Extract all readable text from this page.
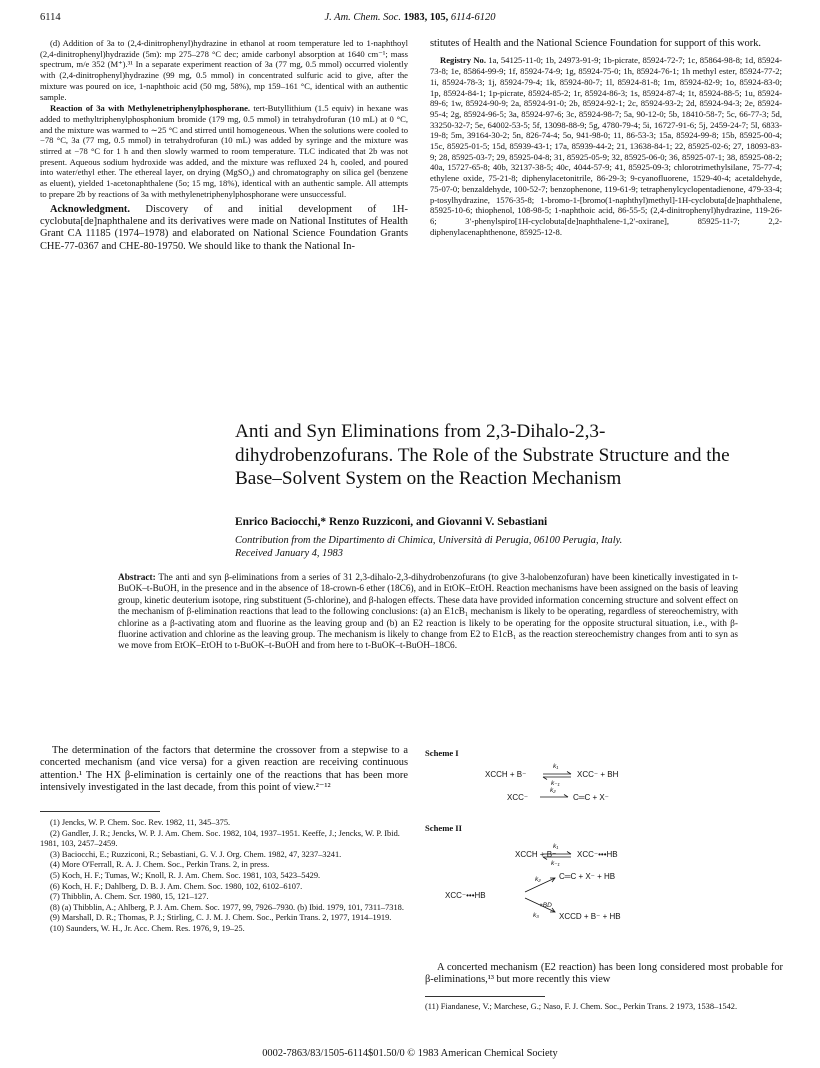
6114	J. Am. Chem. Soc. 1983, 105, 6114-6120

(d) Addition of 3a to (2,4-dinitrophenyl)hydrazine in ethanol at room temperature led to 1-naphthoyl (2,4-dinitrophenyl)hydrazide (5m): mp 275–278 °C dec; amide carbonyl absorption at 1640 cm⁻¹; mass spectrum, m/e 352 (M⁺).³¹ In a separate experiment reaction of 3a (77 mg, 0.5 mmol) occurred violently with (2,4-dinitrophenyl)hydrazine (99 mg, 0.5 mmol) in concentrated sulfuric acid to give, after the mixture was poured on ice, 1-naphthoic acid (50 mg, 58%), mp 159–161 °C, identical with an authentic sample.

Reaction of 3a with Methylenetriphenylphosphorane. tert-Butyllithium (1.5 equiv) in hexane was added to methyltriphenylphosphonium bromide (179 mg, 0.5 mmol) in tetrahydrofuran (10 mL) at 0 °C, and the mixture was warmed to ∼25 °C and stirred until homogeneous. When the solutions were cooled to −78 °C, 3a (77 mg, 0.5 mmol) in tetrahydrofuran (10 mL) was added by syringe and the mixture was stirred at −78 °C for 1 h and then slowly warmed to room temperature. TLC indicated that 2b was not present. Aqueous sodium hydroxide was added, and the mixture was refluxed 24 h, cooled, and poured into water/ethyl ether. The ethereal layer, on drying (MgSO₄) and chromatography on silica gel (benzene as eluent), yielded 1-acetonaphthalene (5o; 15 mg, 18%), identical with an authentic sample. All attempts to prepare 2b by reactions of 3a with methylenetriphenylphosphorane were unsuccessful.

Acknowledgment. Discovery of and initial development of 1H-cyclobuta[de]naphthalene and its derivatives were made on National Institutes of Health Grant CA 11185 (1974–1978) and elaborated on National Science Foundation Grants CHE-77-0367 and CHE-80-19750. We should like to thank the National In-

stitutes of Health and the National Science Foundation for support of this work.

Registry No. 1a, 54125-11-0; 1b, 24973-91-9; 1b-picrate, 85924-72-7; 1c, 85864-98-8; 1d, 85924-73-8; 1e, 85864-99-9; 1f, 85924-74-9; 1g, 85924-75-0; 1h, 85924-76-1; 1h methyl ester, 85924-77-2; 1i, 85924-78-3; 1j, 85924-79-4; 1k, 85924-80-7; 1l, 85924-81-8; 1m, 85924-82-9; 1o, 85924-83-0; 1p, 85924-84-1; 1p-picrate, 85924-85-2; 1r, 85924-86-3; 1s, 85924-87-4; 1t, 85924-88-5; 1u, 85924-89-6; 1w, 85924-90-9; 2a, 85924-91-0; 2b, 85924-92-1; 2c, 85924-93-2; 2d, 85924-94-3; 2e, 85924-95-4; 2g, 85924-96-5; 3a, 85924-97-6; 3c, 85924-98-7; 5a, 90-12-0; 5b, 18410-58-7; 5c, 66-77-3; 5d, 33250-32-7; 5e, 64002-53-5; 5f, 13098-88-9; 5g, 4780-79-4; 5i, 16727-91-6; 5j, 2459-24-7; 5l, 6833-19-8; 5m, 39164-30-2; 5n, 826-74-4; 5o, 941-98-0; 11, 86-53-3; 15a, 85924-99-8; 15b, 85925-00-4; 15c, 85925-01-5; 15d, 85939-43-1; 17a, 85939-44-2; 21, 13638-84-1; 22, 85925-02-6; 27, 18093-83-9; 28, 85925-03-7; 29, 85925-04-8; 31, 85925-05-9; 32, 85925-06-0; 36, 85925-07-1; 38, 85925-08-2; 40a, 15727-65-8; 40b, 32137-38-5; 40c, 4044-57-9; 41, 85925-09-3; chlorotrimethylsilane, 75-77-4; ethylene oxide, 75-21-8; diphenylacetonitrile, 86-29-3; 9-cyanofluorene, 1529-40-4; acetaldehyde, 75-07-0; benzaldehyde, 100-52-7; benzophenone, 119-61-9; tetraphenylcyclopentadienone, 479-33-4; p-tosylhydrazine, 1576-35-8; 1-bromo-1-[bromo(1-naphthyl)methyl]-1H-cyclobuta[de]naphthalene, 85925-10-6; thiophenol, 108-98-5; 1-naphthoic acid, 86-55-5; (2,4-dinitrophenyl)hydrazine, 119-26-6; 3′-phenylspiro[1H-cyclobuta[de]naphthalene-1,2′-oxirane], 85925-11-7; 2,2-diphenylacenaphthenone, 85925-12-8.

Anti and Syn Eliminations from 2,3-Dihalo-2,3-dihydrobenzofurans. The Role of the Substrate Structure and the Base–Solvent System on the Reaction Mechanism
Enrico Baciocchi,* Renzo Ruzziconi, and Giovanni V. Sebastiani
Contribution from the Dipartimento di Chimica, Università di Perugia, 06100 Perugia, Italy.
Received January 4, 1983
Abstract: The anti and syn β-eliminations from a series of 31 2,3-dihalo-2,3-dihydrobenzofurans (to give 3-halobenzofuran) have been kinetically investigated in t-BuOK–t-BuOH, in the presence and in the absence of 18-crown-6 ether (18C6), and in EtOK–EtOH. Reaction mechanisms have been assigned on the basis of leaving group, kinetic deuterium isotope, ring substituent (5-chlorine), and β-halogen effects. These data have provided information concerning structure and solvent effect on the mechanism of β-elimination reactions that lead to the following conclusions: (a) an E1cB₁ mechanism is likely to be operating, regardless of stereochemistry, with chlorine as a β-activating atom and fluorine as the leaving group and (b) an E2 reaction is likely to be operating for the opposite structural situation, i.e., with β-fluorine activation and chlorine as the leaving group. The mechanism is likely to change from E2 to E1cB₁ as the reaction stereochemistry changes from anti to syn as we move from EtOK–EtOH to t-BuOK–t-BuOH and from here to t-BuOK–t-BuOH–18C6.

The determination of the factors that determine the crossover from a stepwise to a concerted mechanism (and vice versa) for a given reaction are receiving continuous attention.¹ The HX β-elimination is certainly one of the reactions that has been more intensively investigated in the last decade, from this point of view.²⁻¹²

(1) Jencks, W. P. Chem. Soc. Rev. 1982, 11, 345–375.

(2) Gandler, J. R.; Jencks, W. P. J. Am. Chem. Soc. 1982, 104, 1937–1951. Keeffe, J.; Jencks, W. P. Ibid. 1981, 103, 2457–2459.

(3) Baciocchi, E.; Ruzziconi, R.; Sebastiani, G. V. J. Org. Chem. 1982, 47, 3237–3241.

(4) More O'Ferrall, R. A. J. Chem. Soc., Perkin Trans. 2, in press.

(5) Koch, H. F.; Tumas, W.; Knoll, R. J. Am. Chem. Soc. 1981, 103, 5423–5429.

(6) Koch, H. F.; Dahlberg, D. B. J. Am. Chem. Soc. 1980, 102, 6102–6107.

(7) Thibblin, A. Chem. Scr. 1980, 15, 121–127.

(8) (a) Thibblin, A.; Ahlberg, P. J. Am. Chem. Soc. 1977, 99, 7926–7930. (b) Ibid. 1979, 101, 7311–7318.

(9) Marshall, D. R.; Thomas, P. J.; Stirling, C. J. M. J. Chem. Soc., Perkin Trans. 2, 1977, 1914–1919.

(10) Saunders, W. H., Jr. Acc. Chem. Res. 1976, 9, 19–25.

Scheme I
XCCH + B⁻
k₁
k₋₁
XCC⁻ + BH
XCC⁻
k₂
C═C + X⁻
Scheme II
XCCH + B⁻
k₁
k₋₁
XCC⁻•••HB
XCC⁻•••HB
k₂ C═C + X⁻ + HB
+BD
k₃	XCCD + B⁻ + HB

A concerted mechanism (E2 reaction) has been long considered most probable for β-eliminations,¹³ but more recently this view

(11) Fiandanese, V.; Marchese, G.; Naso, F. J. Chem. Soc., Perkin Trans. 2 1973, 1538–1542.
0002-7863/83/1505-6114$01.50/0 © 1983 American Chemical Society
